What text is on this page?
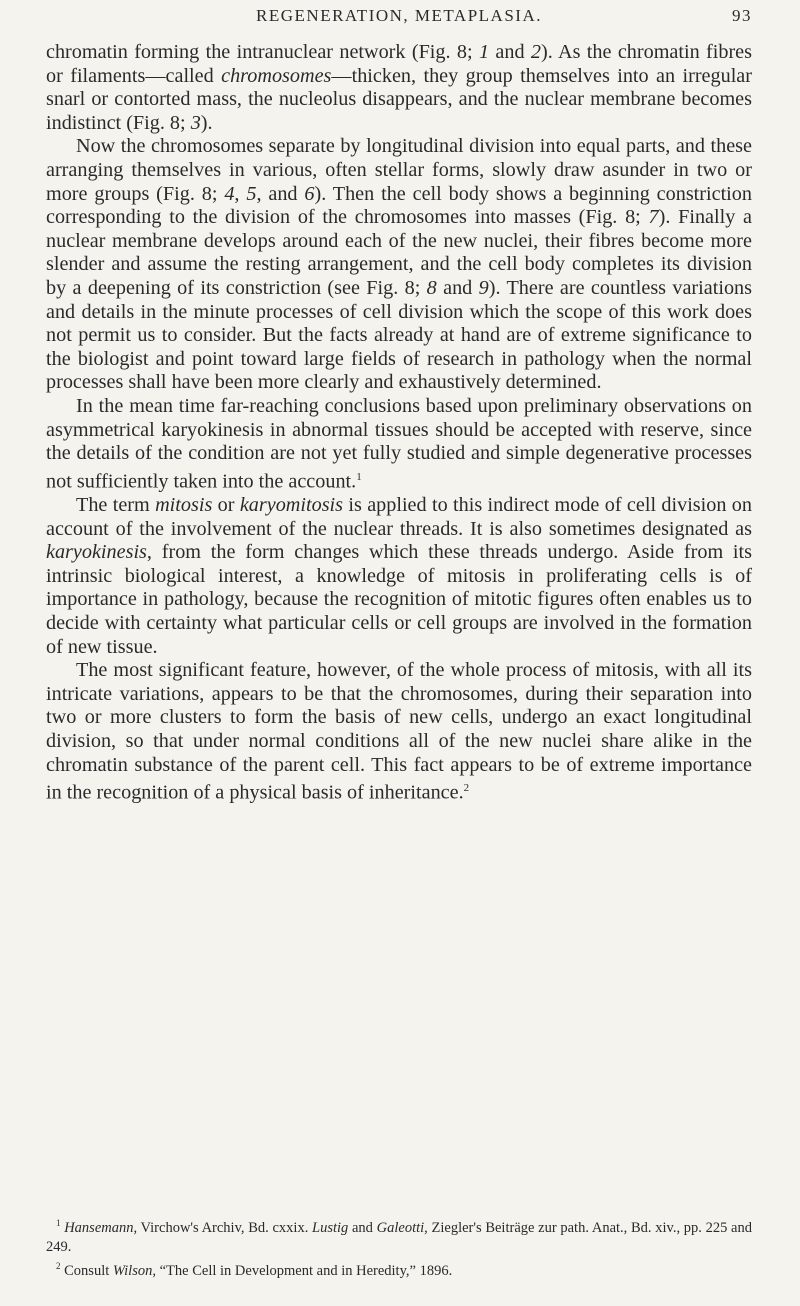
REGENERATION, METAPLASIA.	93

chromatin forming the intranuclear network (Fig. 8; 1 and 2). As the chromatin fibres or filaments—called chromosomes—thicken, they group themselves into an irregular snarl or contorted mass, the nucleolus disappears, and the nuclear membrane becomes indistinct (Fig. 8; 3).

Now the chromosomes separate by longitudinal division into equal parts, and these arranging themselves in various, often stellar forms, slowly draw asunder in two or more groups (Fig. 8; 4, 5, and 6). Then the cell body shows a beginning constriction corresponding to the division of the chromosomes into masses (Fig. 8; 7). Finally a nuclear membrane develops around each of the new nuclei, their fibres become more slender and assume the resting arrangement, and the cell body completes its division by a deepening of its constriction (see Fig. 8; 8 and 9). There are countless variations and details in the minute processes of cell division which the scope of this work does not permit us to consider. But the facts already at hand are of extreme significance to the biologist and point toward large fields of research in pathology when the normal processes shall have been more clearly and exhaustively determined.

In the mean time far-reaching conclusions based upon preliminary observations on asymmetrical karyokinesis in abnormal tissues should be accepted with reserve, since the details of the condition are not yet fully studied and simple degenerative processes not sufficiently taken into the account.$^1$

The term mitosis or karyomitosis is applied to this indirect mode of cell division on account of the involvement of the nuclear threads. It is also sometimes designated as karyokinesis, from the form changes which these threads undergo. Aside from its intrinsic biological interest, a knowledge of mitosis in proliferating cells is of importance in pathology, because the recognition of mitotic figures often enables us to decide with certainty what particular cells or cell groups are involved in the formation of new tissue.

The most significant feature, however, of the whole process of mitosis, with all its intricate variations, appears to be that the chromosomes, during their separation into two or more clusters to form the basis of new cells, undergo an exact longitudinal division, so that under normal conditions all of the new nuclei share alike in the chromatin substance of the parent cell. This fact appears to be of extreme importance in the recognition of a physical basis of inheritance.$^2$

$^1$ Hansemann, Virchow's Archiv, Bd. cxxix. Lustig and Galeotti, Ziegler's Beiträge zur path. Anat., Bd. xiv., pp. 225 and 249.

$^2$ Consult Wilson, “The Cell in Development and in Heredity,” 1896.
